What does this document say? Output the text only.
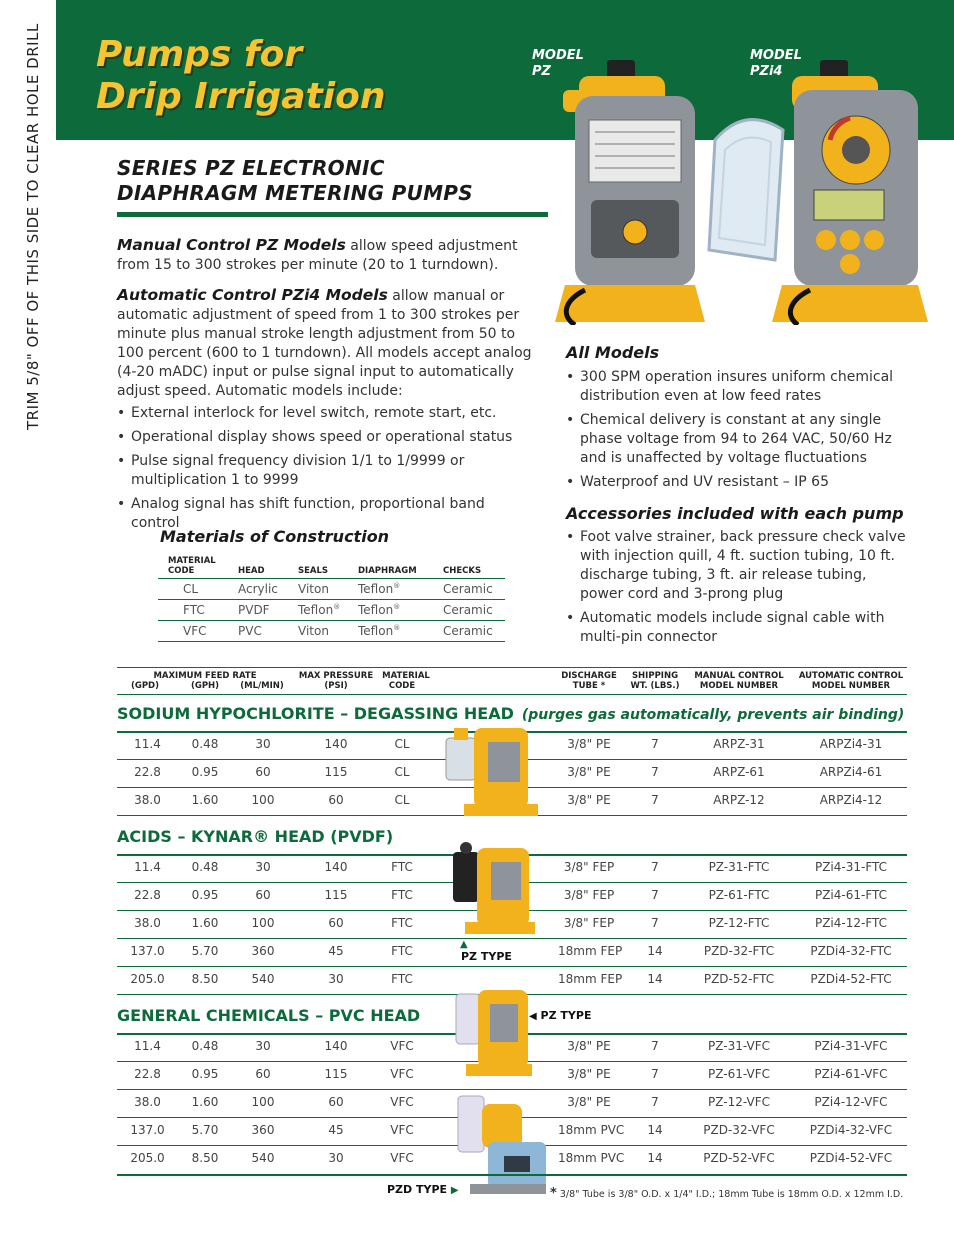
TRIM 5/8" OFF OF THIS SIDE TO CLEAR HOLE DRILL	Pumps for
Drip Irrigation
MODEL
PZ
MODEL
PZi4
SERIES PZ ELECTRONIC
DIAPHRAGM METERING PUMPS
Manual Control PZ Models allow speed adjustment from 15 to 300 strokes per minute (20 to 1 turndown).
Automatic Control PZi4 Models allow manual or automatic adjustment of speed from 1 to 300 strokes per minute plus manual stroke length adjustment from 50 to 100 percent (600 to 1 turndown). All models accept analog (4-20 mADC) input or pulse signal input to automatically adjust speed. Automatic models include:
• External interlock for level switch, remote start, etc.
• Operational display shows speed or operational status
• Pulse signal frequency division 1/1 to 1/9999 or multiplication 1 to 9999
• Analog signal has shift function, proportional band control
All Models
• 300 SPM operation insures uniform chemical distribution even at low feed rates
• Chemical delivery is constant at any single phase voltage from 94 to 264 VAC, 50/60 Hz and is unaffected by voltage fluctuations
• Waterproof and UV resistant – IP 65
Accessories included with each pump
• Foot valve strainer, back pressure check valve with injection quill, 4 ft. suction tubing, 10 ft. discharge tubing, 3 ft. air release tubing, power cord and 3-prong plug
• Automatic models include signal cable with multi-pin connector
Materials of Construction
MATERIAL CODE	HEAD	SEALS	DIAPHRAGM	CHECKS
CL	Acrylic	Viton	Teflon®	Ceramic
FTC	PVDF	Teflon®	Teflon®	Ceramic
VFC	PVC	Viton	Teflon®	Ceramic
MAXIMUM FEED RATE
(GPD)	(GPH)	(ML/MIN)
MAX PRESSURE
(PSI)
MATERIAL
CODE
DISCHARGE
TUBE *
SHIPPING
WT. (LBS.)
MANUAL CONTROL
MODEL NUMBER
AUTOMATIC CONTROL
MODEL NUMBER
SODIUM HYPOCHLORITE – DEGASSING HEAD (purges gas automatically, prevents air binding)
11.4	0.48	30	140	CL	3/8" PE	7	ARPZ-31	ARPZi4-31
22.8	0.95	60	115	CL	3/8" PE	7	ARPZ-61	ARPZi4-61
38.0	1.60	100	60	CL	3/8" PE	7	ARPZ-12	ARPZi4-12
ACIDS – KYNAR® HEAD (PVDF)
11.4	0.48	30	140	FTC	3/8" FEP	7	PZ-31-FTC	PZi4-31-FTC
22.8	0.95	60	115	FTC	3/8" FEP	7	PZ-61-FTC	PZi4-61-FTC
38.0	1.60	100	60	FTC	3/8" FEP	7	PZ-12-FTC	PZi4-12-FTC
137.0	5.70	360	45	FTC	18mm FEP	14	PZD-32-FTC	PZDi4-32-FTC
205.0	8.50	540	30	FTC	18mm FEP	14	PZD-52-FTC	PZDi4-52-FTC
GENERAL CHEMICALS – PVC HEAD
11.4	0.48	30	140	VFC	3/8" PE	7	PZ-31-VFC	PZi4-31-VFC
22.8	0.95	60	115	VFC	3/8" PE	7	PZ-61-VFC	PZi4-61-VFC
38.0	1.60	100	60	VFC	3/8" PE	7	PZ-12-VFC	PZi4-12-VFC
137.0	5.70	360	45	VFC	18mm PVC	14	PZD-32-VFC	PZDi4-32-VFC
205.0	8.50	540	30	VFC	18mm PVC	14	PZD-52-VFC	PZDi4-52-VFC
▲
PZ TYPE
◀ PZ TYPE
PZD TYPE ▶	* 3/8" Tube is 3/8" O.D. x 1/4" I.D.; 18mm Tube is 18mm O.D. x 12mm I.D.
